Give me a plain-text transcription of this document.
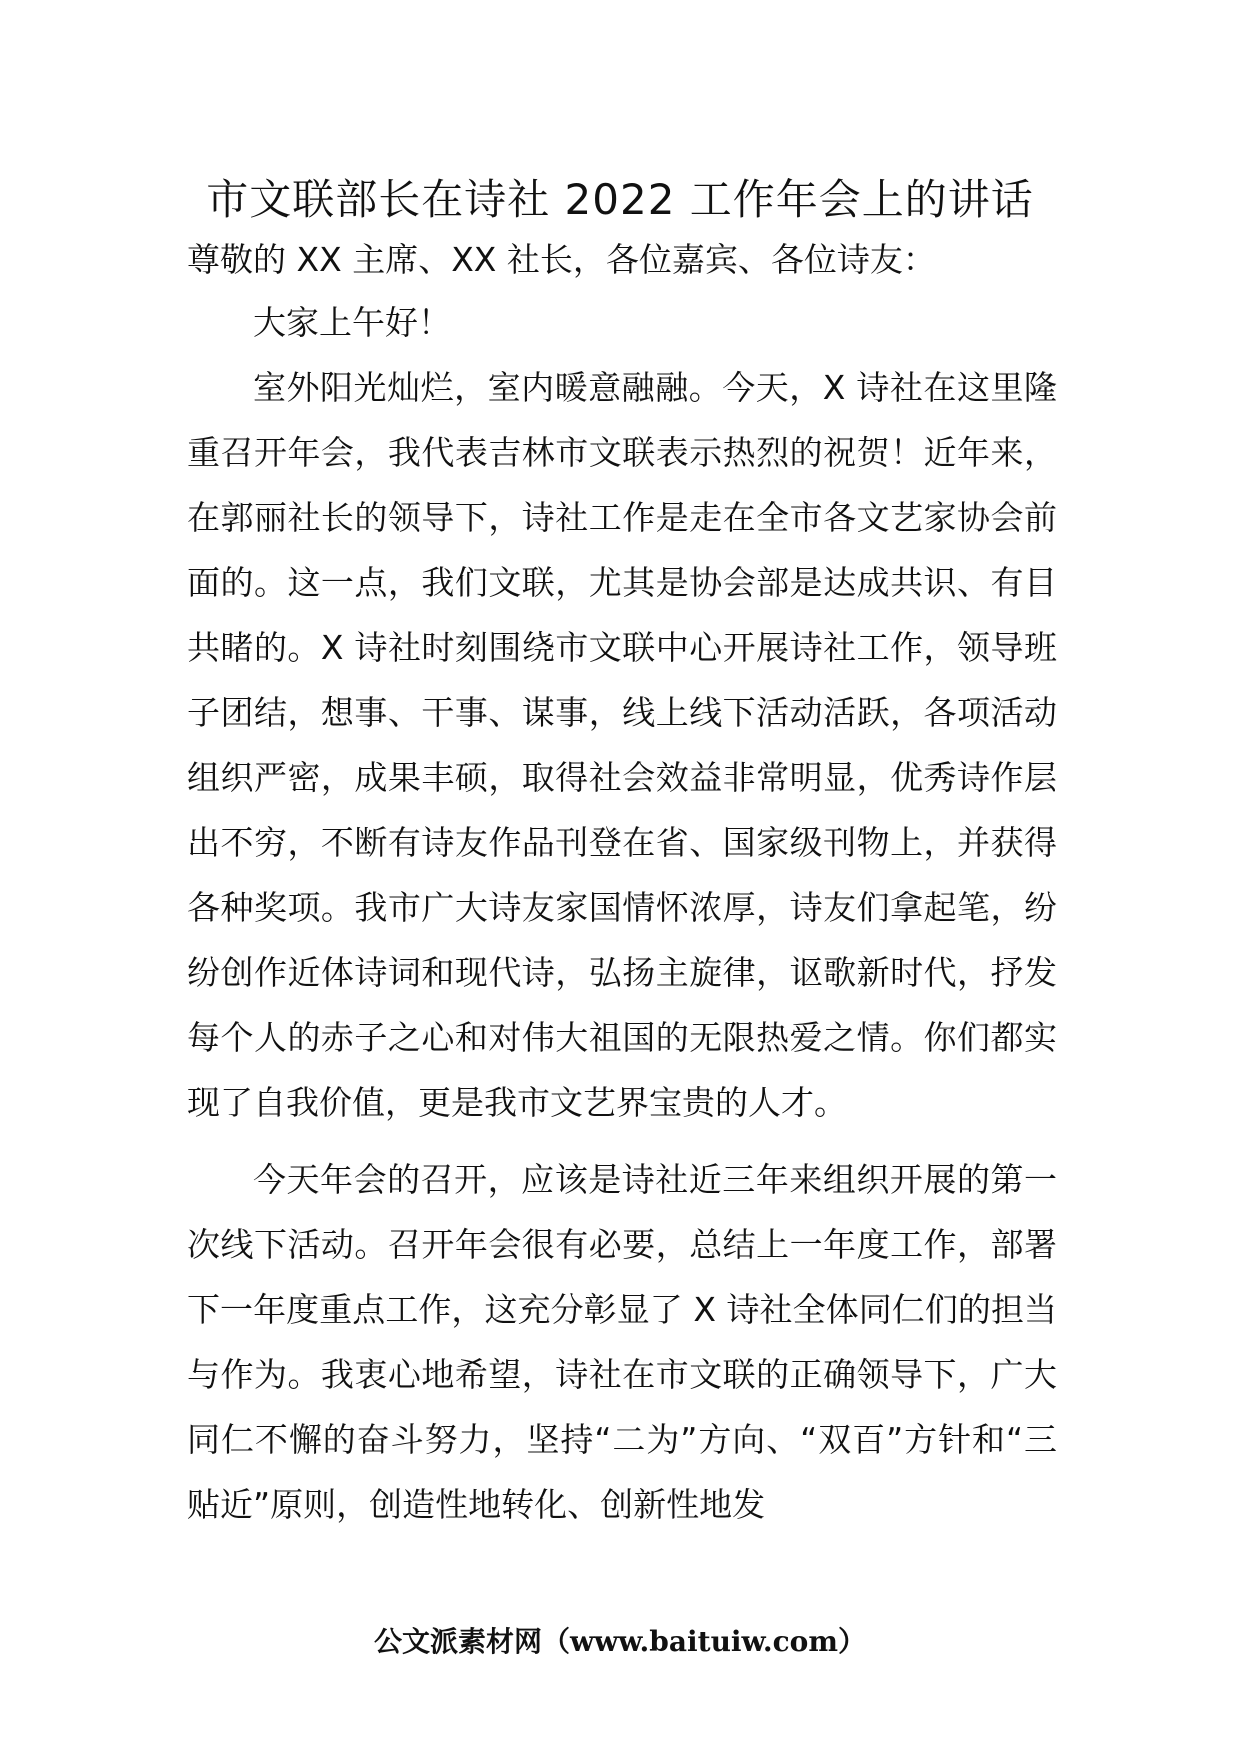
市文联部长在诗社 2022 工作年会上的讲话

尊敬的 XX 主席、XX 社长，各位嘉宾、各位诗友：

大家上午好！

室外阳光灿烂，室内暖意融融。今天，X 诗社在这里隆重召开年会，我代表吉林市文联表示热烈的祝贺！近年来，在郭丽社长的领导下，诗社工作是走在全市各文艺家协会前面的。这一点，我们文联，尤其是协会部是达成共识、有目共睹的。X 诗社时刻围绕市文联中心开展诗社工作，领导班子团结，想事、干事、谋事，线上线下活动活跃，各项活动组织严密，成果丰硕，取得社会效益非常明显，优秀诗作层出不穷，不断有诗友作品刊登在省、国家级刊物上，并获得各种奖项。我市广大诗友家国情怀浓厚，诗友们拿起笔，纷纷创作近体诗词和现代诗，弘扬主旋律，讴歌新时代，抒发每个人的赤子之心和对伟大祖国的无限热爱之情。你们都实现了自我价值，更是我市文艺界宝贵的人才。

今天年会的召开，应该是诗社近三年来组织开展的第一次线下活动。召开年会很有必要，总结上一年度工作，部署下一年度重点工作，这充分彰显了 X 诗社全体同仁们的担当与作为。我衷心地希望，诗社在市文联的正确领导下，广大同仁不懈的奋斗努力，坚持“二为”方向、“双百”方针和“三贴近”原则，创造性地转化、创新性地发

公文派素材网（www.baituiw.com）
